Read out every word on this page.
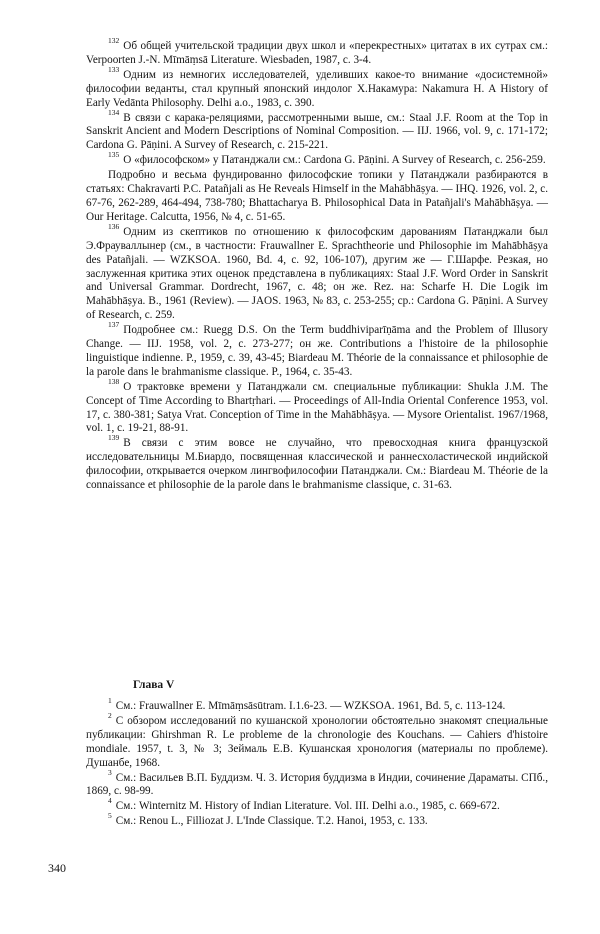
$^{132}$ Об общей учительской традиции двух школ и «перекрестных» цитатах в их сутрах см.: Verpoorten J.-N. Mīmāṃsā Literature. Wiesbaden, 1987, с. 3-4.

$^{133}$ Одним из немногих исследователей, уделивших какое-то внимание «досистемной» философии веданты, стал крупный японский индолог Х.Накамура: Nakamura H. A History of Early Vedānta Philosophy. Delhi a.o., 1983, с. 390.

$^{134}$ В связи с карака-реляциями, рассмотренными выше, см.: Staal J.F. Room at the Top in Sanskrit Ancient and Modern Descriptions of Nominal Composition. — IIJ. 1966, vol. 9, с. 171-172; Cardona G. Pāṇini. A Survey of Research, с. 215-221.

$^{135}$ О «философском» у Патанджали см.: Cardona G. Pāṇini. A Survey of Research, с. 256-259.

Подробно и весьма фундированно философские топики у Патанджали разбираются в статьях: Chakravarti P.C. Patañjali as He Reveals Himself in the Mahābhāṣya. — IHQ. 1926, vol. 2, с. 67-76, 262-289, 464-494, 738-780; Bhattacharya B. Philosophical Data in Patañjali's Mahābhāṣya. — Our Heritage. Calcutta, 1956, № 4, с. 51-65.

$^{136}$ Одним из скептиков по отношению к философским дарованиям Патанджали был Э.Фрауваллынер (см., в частности: Frauwallner E. Sprachtheorie und Philosophie im Mahābhāṣya des Patañjali. — WZKSOA. 1960, Bd. 4, с. 92, 106-107), другим же — Г.Шарфе. Резкая, но заслуженная критика этих оценок представлена в публикациях: Staal J.F. Word Order in Sanskrit and Universal Grammar. Dordrecht, 1967, с. 48; он же. Rez. на: Scharfe H. Die Logik im Mahābhāṣya. B., 1961 (Review). — JAOS. 1963, № 83, с. 253-255; ср.: Cardona G. Pāṇini. A Survey of Research, с. 259.

$^{137}$ Подробнее см.: Ruegg D.S. On the Term buddhiviparīṇāma and the Problem of Illusory Change. — IIJ. 1958, vol. 2, с. 273-277; он же. Contributions a l'histoire de la philosophie linguistique indienne. P., 1959, с. 39, 43-45; Biardeau M. Théorie de la connaissance et philosophie de la parole dans le brahmanisme classique. P., 1964, с. 35-43.

$^{138}$ О трактовке времени у Патанджали см. специальные публикации: Shukla J.M. The Concept of Time According to Bhartṛhari. — Proceedings of All-India Oriental Conference 1953, vol. 17, с. 380-381; Satya Vrat. Conception of Time in the Mahābhāṣya. — Mysore Orientalist. 1967/1968, vol. 1, с. 19-21, 88-91.

$^{139}$ В связи с этим вовсе не случайно, что превосходная книга французской исследовательницы М.Биардо, посвященная классической и раннесхоластической индийской философии, открывается очерком лингвофилософии Патанджали. См.: Biardeau M. Théorie de la connaissance et philosophie de la parole dans le brahmanisme classique, с. 31-63.

Глава V

$^1$ См.: Frauwallner E. Mīmāṃsāsūtram. I.1.6-23. — WZKSOA. 1961, Bd. 5, с. 113-124.

$^2$ С обзором исследований по кушанской хронологии обстоятельно знакомят специальные публикации: Ghirshman R. Le probleme de la chronologie des Kouchans. — Cahiers d'histoire mondiale. 1957, t. 3, № 3; Зеймаль Е.В. Кушанская хронология (материалы по проблеме). Душанбе, 1968.

$^3$ См.: Васильев В.П. Буддизм. Ч. 3. История буддизма в Индии, сочинение Дараматы. СПб., 1869, с. 98-99.

$^4$ См.: Winternitz M. History of Indian Literature. Vol. III. Delhi a.o., 1985, с. 669-672.

$^5$ См.: Renou L., Filliozat J. L'Inde Classique. T.2. Hanoi, 1953, с. 133.

340
